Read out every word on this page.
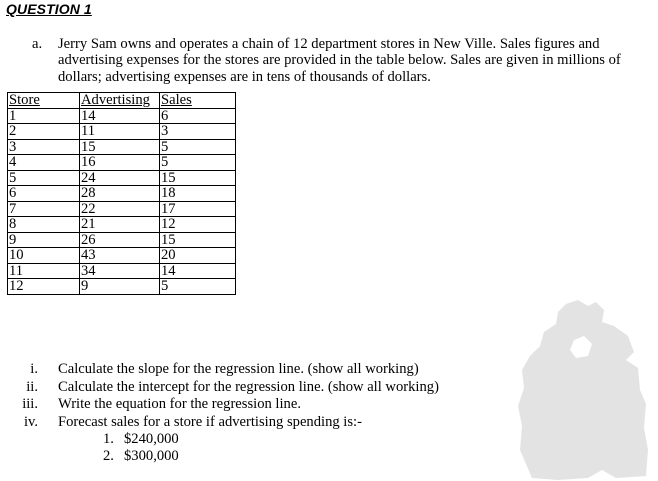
QUESTION 1
a. Jerry Sam owns and operates a chain of 12 department stores in New Ville. Sales figures and advertising expenses for the stores are provided in the table below. Sales are given in millions of dollars; advertising expenses are in tens of thousands of dollars.
Store	Advertising	Sales
1	14	6
2	11	3
3	15	5
4	16	5
5	24	15
6	28	18
7	22	17
8	21	12
9	26	15
10	43	20
11	34	14
12	9	5
i. Calculate the slope for the regression line. (show all working)
ii. Calculate the intercept for the regression line. (show all working)
iii. Write the equation for the regression line.
iv. Forecast sales for a store if advertising spending is:-
1. $240,000
2. $300,000
